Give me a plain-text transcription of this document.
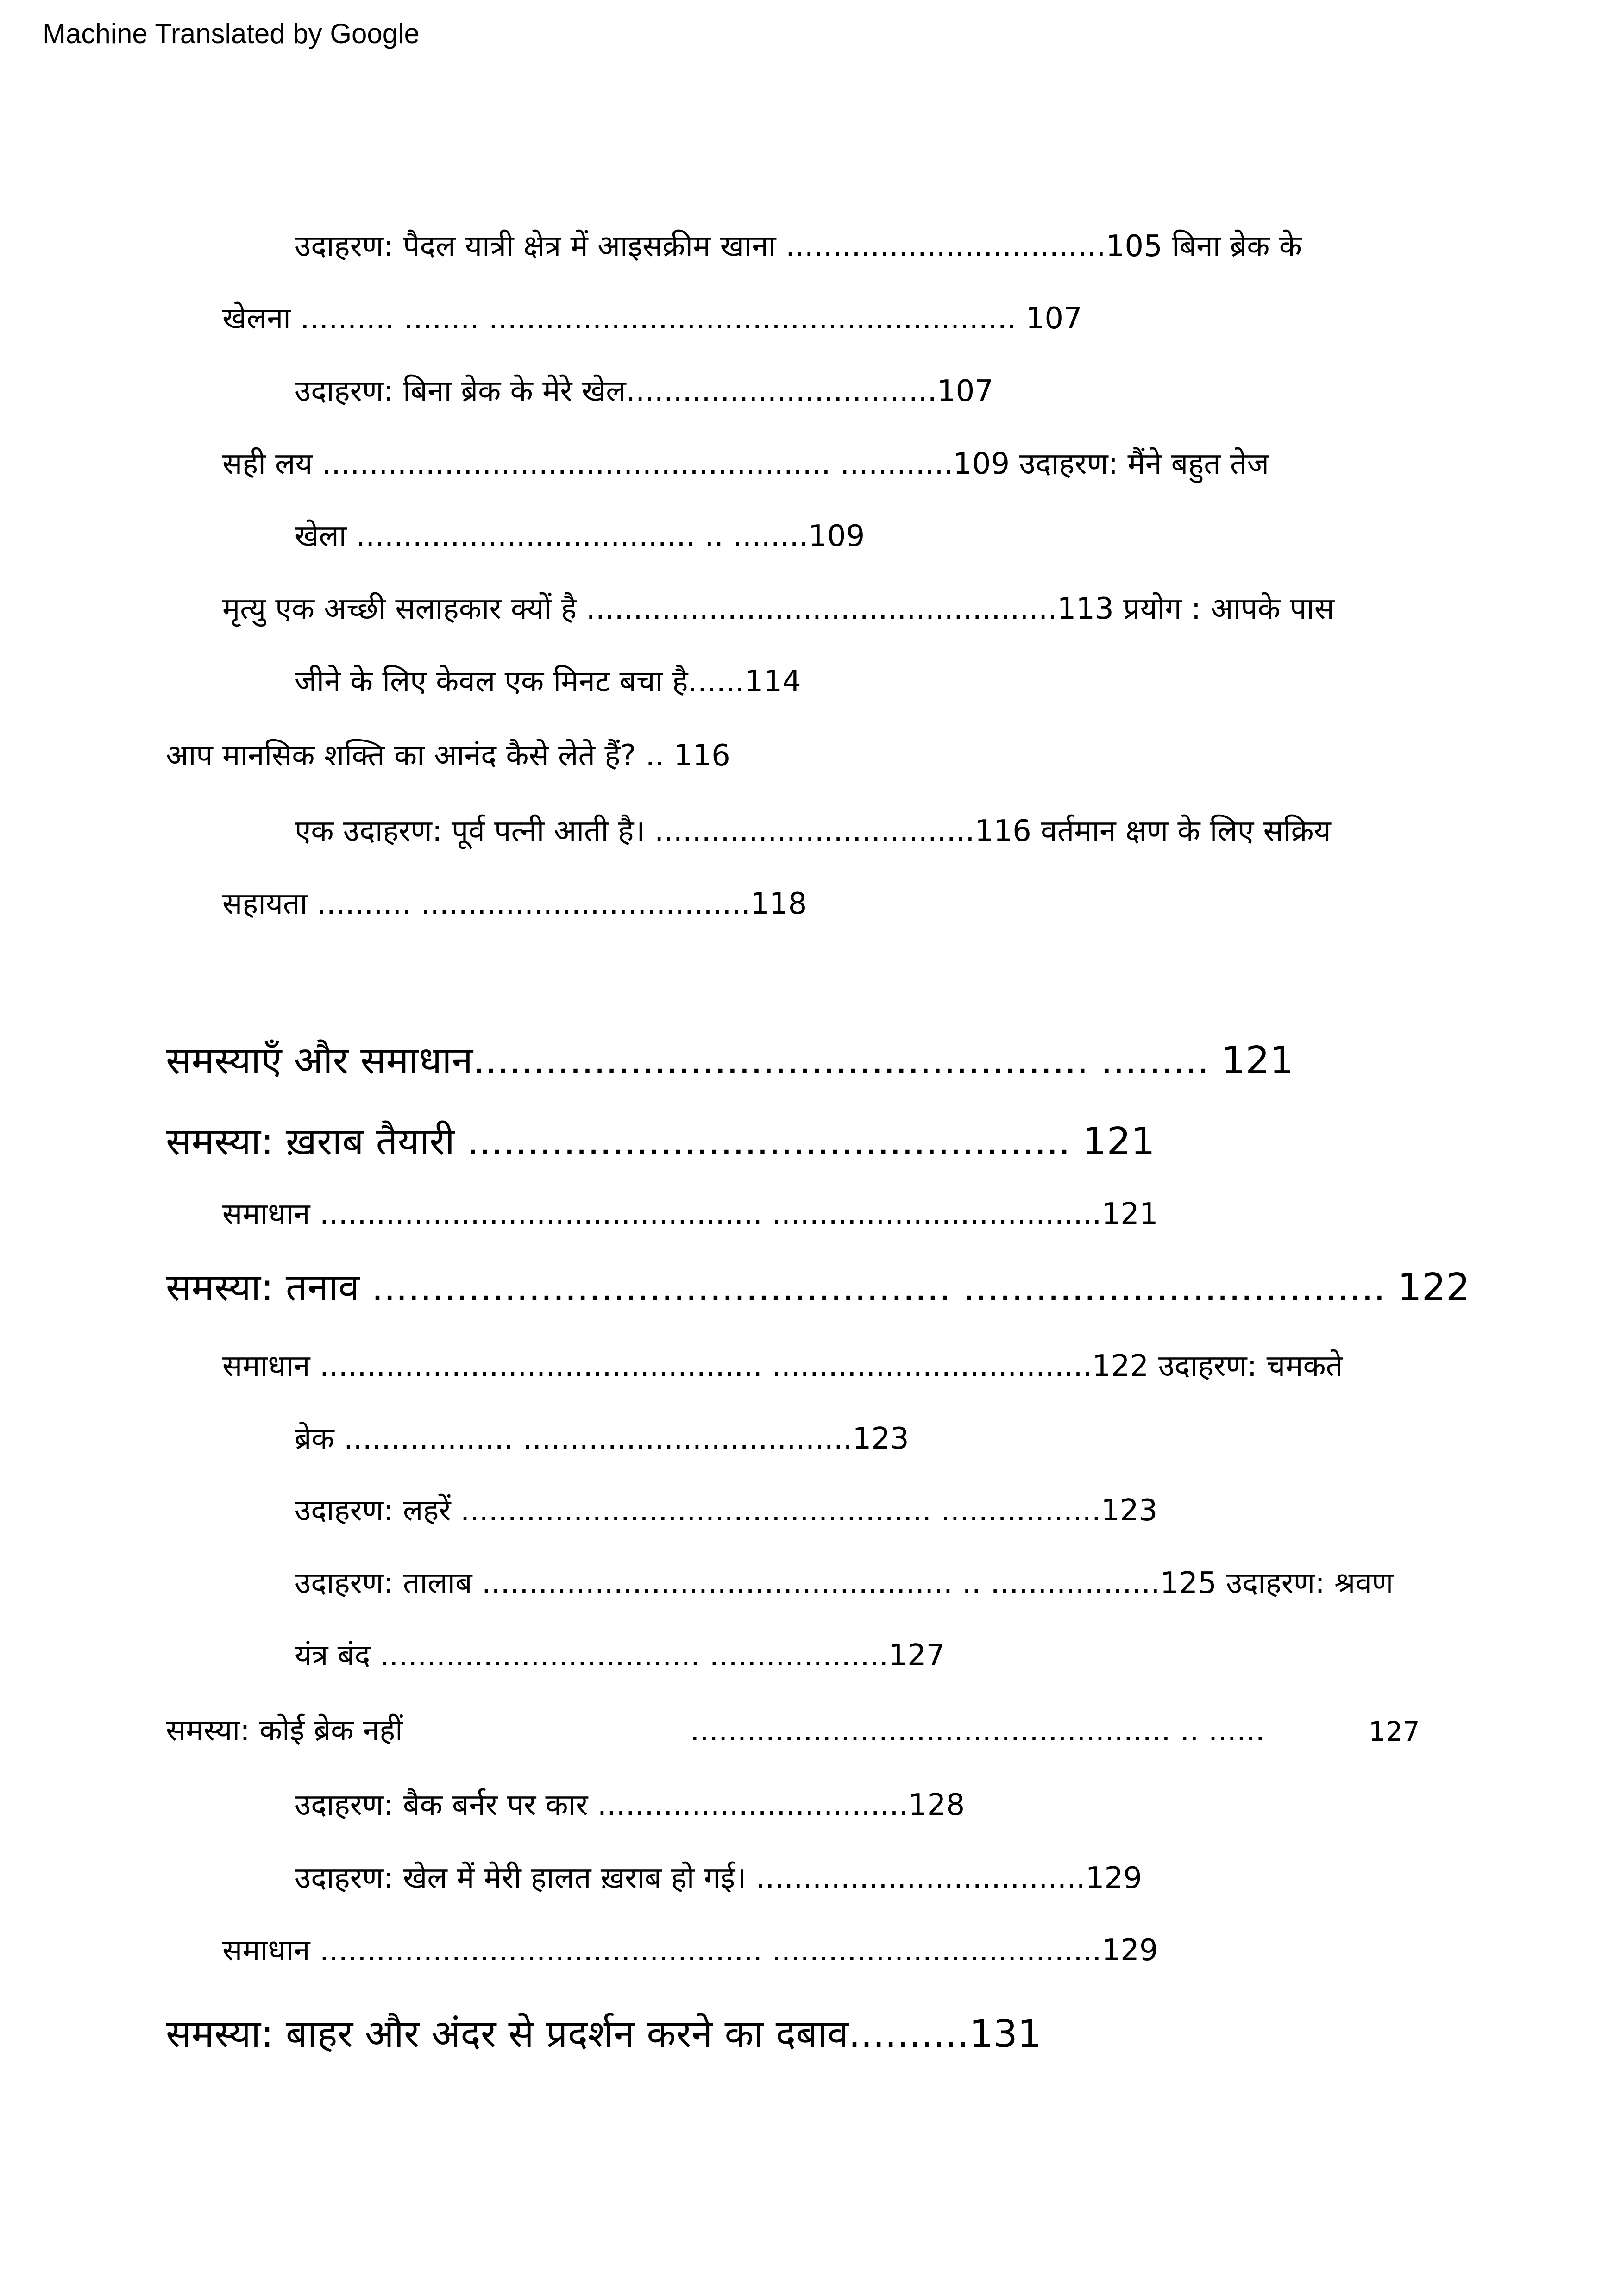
Machine Translated by Google
उदाहरण: पैदल यात्री क्षेत्र में आइसक्रीम खाना ..................................105 बिना ब्रेक के
खेलना .......... ........ ........................................................ 107
उदाहरण: बिना ब्रेक के मेरे खेल.................................107
सही लय ...................................................... ............109 उदाहरण: मैंने बहुत तेज
खेला .................................... .. ........109
मृत्यु एक अच्छी सलाहकार क्यों है ..................................................113 प्रयोग : आपके पास
जीने के लिए केवल एक मिनट बचा है......114
आप मानसिक शक्ति का आनंद कैसे लेते हैं? .. 116
एक उदाहरण: पूर्व पत्नी आती है। ..................................116 वर्तमान क्षण के लिए सक्रिय
सहायता .......... ...................................118
समस्याएँ और समाधान................................................... ......... 121
समस्या: ख़राब तैयारी .................................................. 121
समाधान ............................................... ...................................121
समस्या: तनाव ................................................ ................................... 122
समाधान ............................................... ..................................122 उदाहरण: चमकते
ब्रेक .................. ...................................123
उदाहरण: लहरें .................................................. .................123
उदाहरण: तालाब .................................................. .. ..................125 उदाहरण: श्रवण
यंत्र बंद .................................. ...................127
समस्या: कोई ब्रेक नहीं	................................................... .. ......	127
उदाहरण: बैक बर्नर पर कार .................................128
उदाहरण: खेल में मेरी हालत ख़राब हो गई। ...................................129
समाधान ............................................... ...................................129
समस्या: बाहर और अंदर से प्रदर्शन करने का दबाव..........131
